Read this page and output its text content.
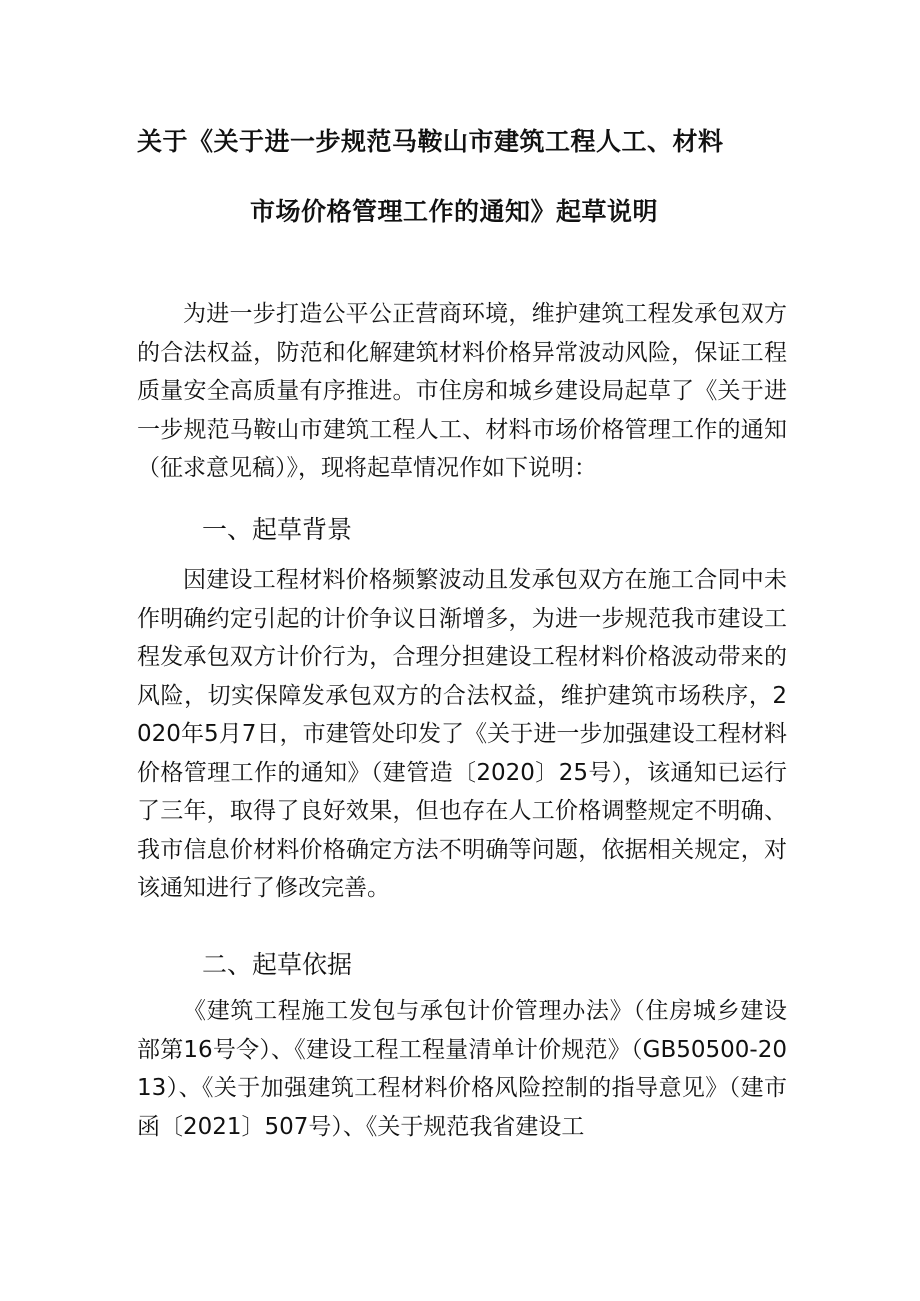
关于《关于进一步规范马鞍山市建筑工程人工、材料
市场价格管理工作的通知》起草说明
为进一步打造公平公正营商环境，维护建筑工程发承包双方的合法权益，防范和化解建筑材料价格异常波动风险，保证工程质量安全高质量有序推进。市住房和城乡建设局起草了《关于进一步规范马鞍山市建筑工程人工、材料市场价格管理工作的通知（征求意见稿）》，现将起草情况作如下说明：
一、起草背景
因建设工程材料价格频繁波动且发承包双方在施工合同中未作明确约定引起的计价争议日渐增多，为进一步规范我市建设工程发承包双方计价行为，合理分担建设工程材料价格波动带来的风险，切实保障发承包双方的合法权益，维护建筑市场秩序，2020年5月7日，市建管处印发了《关于进一步加强建设工程材料价格管理工作的通知》（建管造〔2020〕25号），该通知已运行了三年，取得了良好效果，但也存在人工价格调整规定不明确、我市信息价材料价格确定方法不明确等问题，依据相关规定，对该通知进行了修改完善。
二、起草依据
《建筑工程施工发包与承包计价管理办法》（住房城乡建设部第16号令）、《建设工程工程量清单计价规范》（GB50500-2013）、《关于加强建筑工程材料价格风险控制的指导意见》（建市函〔2021〕507号）、《关于规范我省建设工
